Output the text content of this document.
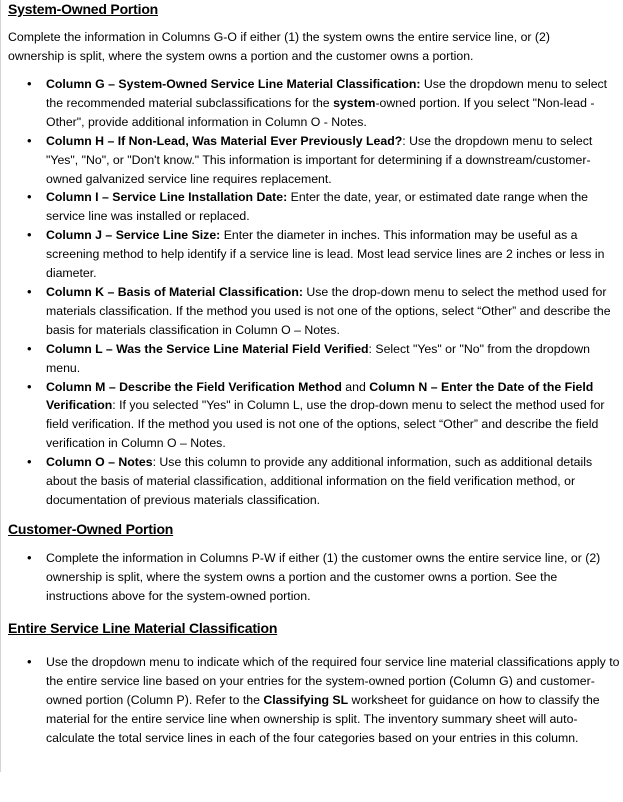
System-Owned Portion

Complete the information in Columns G-O if either (1) the system owns the entire service line, or (2) ownership is split, where the system owns a portion and the customer owns a portion.

• Column G – System-Owned Service Line Material Classification: Use the dropdown menu to select the recommended material subclassifications for the system-owned portion. If you select "Non-lead - Other", provide additional information in Column O - Notes.
• Column H – If Non-Lead, Was Material Ever Previously Lead?: Use the dropdown menu to select "Yes", "No", or "Don't know." This information is important for determining if a downstream/customer-owned galvanized service line requires replacement.
• Column I – Service Line Installation Date: Enter the date, year, or estimated date range when the service line was installed or replaced.
• Column J – Service Line Size: Enter the diameter in inches. This information may be useful as a screening method to help identify if a service line is lead. Most lead service lines are 2 inches or less in diameter.
• Column K – Basis of Material Classification: Use the drop-down menu to select the method used for materials classification. If the method you used is not one of the options, select “Other” and describe the basis for materials classification in Column O – Notes.
• Column L – Was the Service Line Material Field Verified: Select "Yes" or "No" from the dropdown menu.
• Column M – Describe the Field Verification Method and Column N – Enter the Date of the Field Verification: If you selected "Yes" in Column L, use the drop-down menu to select the method used for field verification. If the method you used is not one of the options, select “Other” and describe the field verification in Column O – Notes.
• Column O – Notes: Use this column to provide any additional information, such as additional details about the basis of material classification, additional information on the field verification method, or documentation of previous materials classification.
Customer-Owned Portion
• Complete the information in Columns P-W if either (1) the customer owns the entire service line, or (2) ownership is split, where the system owns a portion and the customer owns a portion. See the instructions above for the system-owned portion.
Entire Service Line Material Classification
• Use the dropdown menu to indicate which of the required four service line material classifications apply to the entire service line based on your entries for the system-owned portion (Column G) and customer-owned portion (Column P). Refer to the Classifying SL worksheet for guidance on how to classify the material for the entire service line when ownership is split. The inventory summary sheet will auto-calculate the total service lines in each of the four categories based on your entries in this column.
